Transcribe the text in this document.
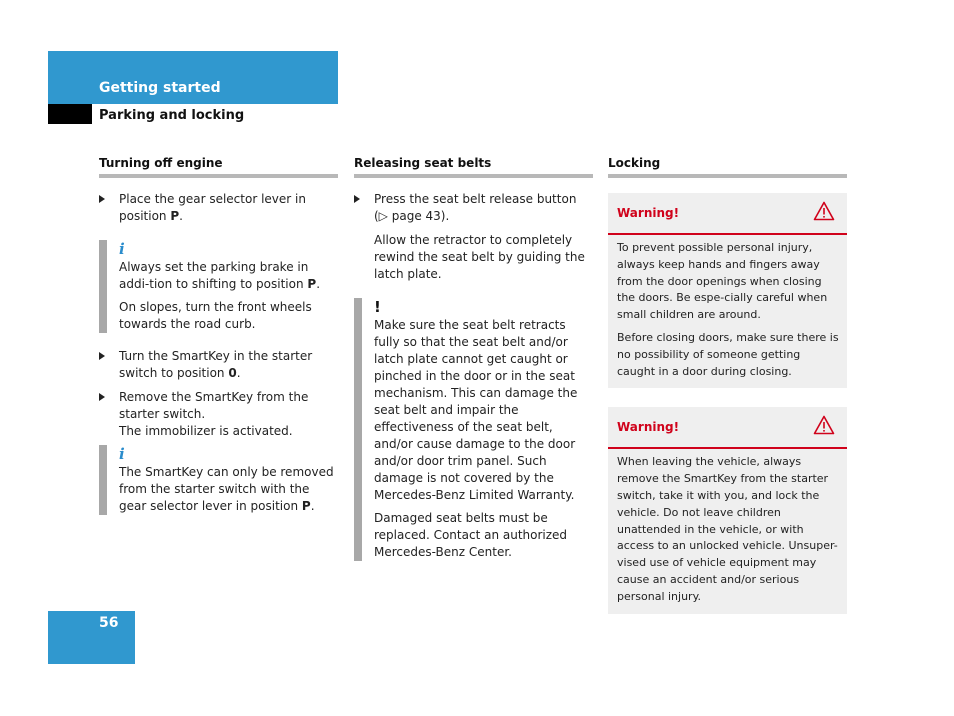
Getting started
Parking and locking
Turning off engine
Place the gear selector lever in position P.
i

Always set the parking brake in addi-tion to shifting to position P.

On slopes, turn the front wheels towards the road curb.

Turn the SmartKey in the starter switch to position 0.
Remove the SmartKey from the starter switch.
The immobilizer is activated.
i

The SmartKey can only be removed from the starter switch with the gear selector lever in position P.

Releasing seat belts
Press the seat belt release button
(▷ page 43).

Allow the retractor to completely rewind the seat belt by guiding the latch plate.

!

Make sure the seat belt retracts fully so that the seat belt and/or latch plate cannot get caught or pinched in the door or in the seat mechanism. This can damage the seat belt and impair the effectiveness of the seat belt, and/or cause damage to the door and/or door trim panel. Such damage is not covered by the Mercedes-Benz Limited Warranty.

Damaged seat belts must be replaced. Contact an authorized Mercedes-Benz Center.

Locking
Warning!

To prevent possible personal injury, always keep hands and fingers away from the door openings when closing the doors. Be espe-cially careful when small children are around.

Before closing doors, make sure there is no possibility of someone getting caught in a door during closing.

Warning!

When leaving the vehicle, always remove the SmartKey from the starter switch, take it with you, and lock the vehicle. Do not leave children unattended in the vehicle, or with access to an unlocked vehicle. Unsuper-vised use of vehicle equipment may cause an accident and/or serious personal injury.

56
